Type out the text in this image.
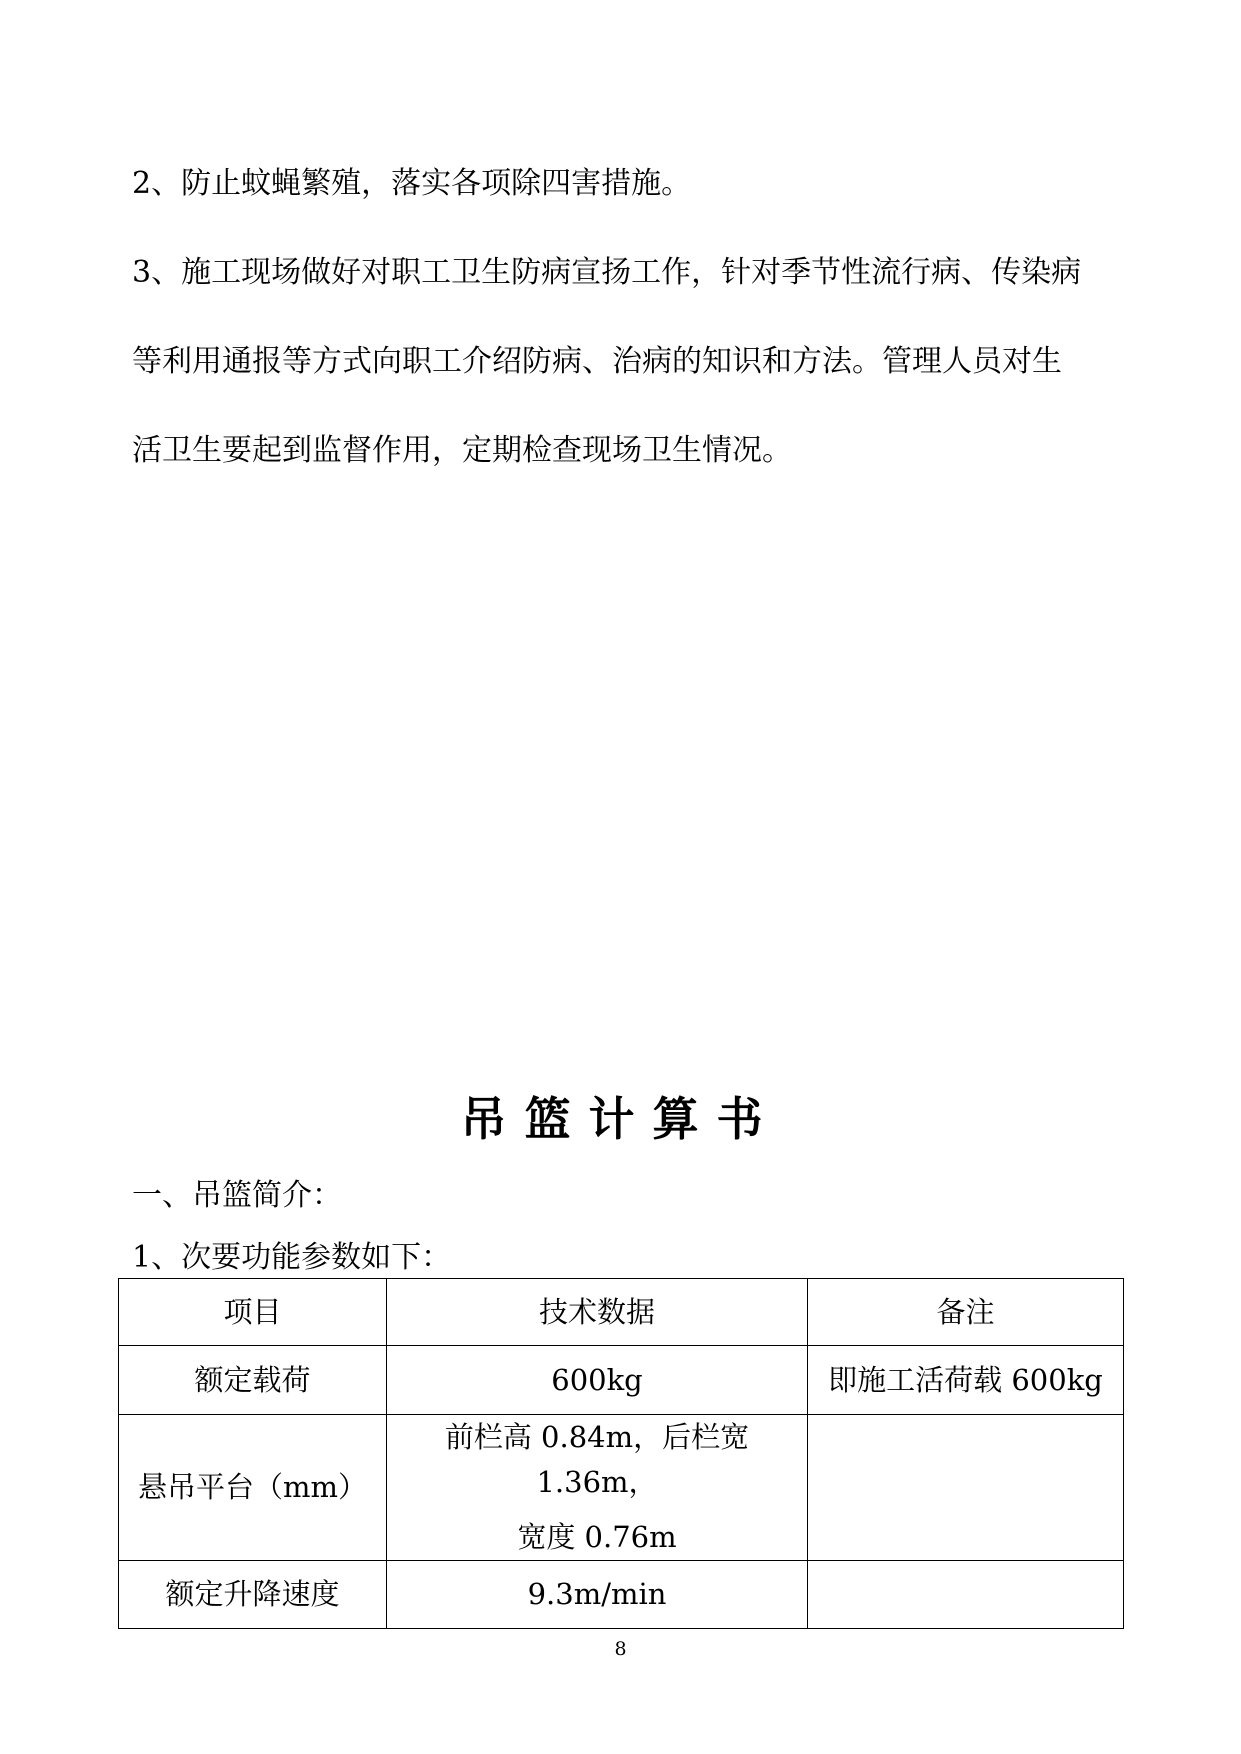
2、防止蚊蝇繁殖，落实各项除四害措施。

3、施工现场做好对职工卫生防病宣扬工作，针对季节性流行病、传染病

等利用通报等方式向职工介绍防病、治病的知识和方法。管理人员对生

活卫生要起到监督作用，定期检查现场卫生情况。

吊篮计算书

一、吊篮简介：

1、次要功能参数如下：

项目	技术数据	备注
额定载荷	600kg	即施工活荷载 600kg
悬吊平台（mm）	前栏高 0.84m，后栏宽 1.36m，
宽度 0.76m	

额定升降速度	9.3m/min	

8
